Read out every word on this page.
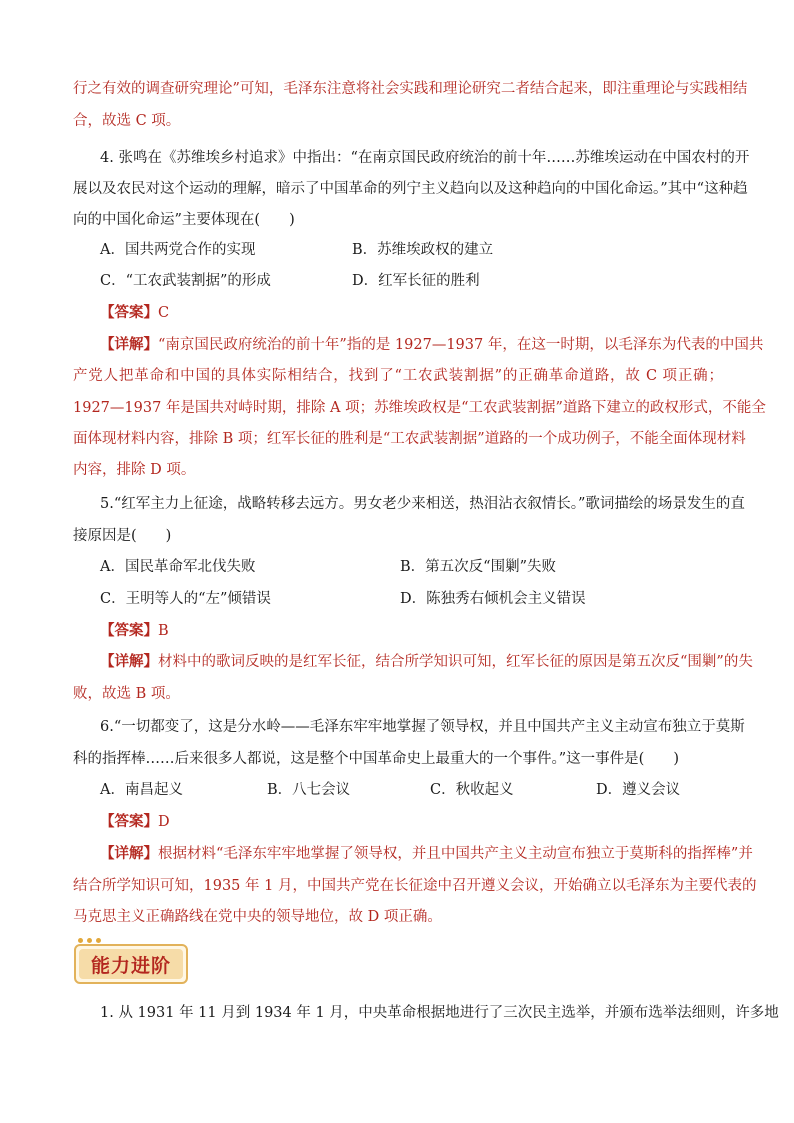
行之有效的调查研究理论”可知，毛泽东注意将社会实践和理论研究二者结合起来，即注重理论与实践相结
合，故选 C 项。
4. 张鸣在《苏维埃乡村追求》中指出：“在南京国民政府统治的前十年……苏维埃运动在中国农村的开
展以及农民对这个运动的理解，暗示了中国革命的列宁主义趋向以及这种趋向的中国化命运。”其中“这种趋
向的中国化命运”主要体现在(　　)
A．国共两党合作的实现	B．苏维埃政权的建立
C．“工农武装割据”的形成	D．红军长征的胜利
【答案】C
【详解】“南京国民政府统治的前十年”指的是 1927—1937 年，在这一时期，以毛泽东为代表的中国共
产党人把革命和中国的具体实际相结合，找到了“工农武装割据”的正确革命道路，故 C 项正确；
1927—1937 年是国共对峙时期，排除 A 项；苏维埃政权是“工农武装割据”道路下建立的政权形式，不能全
面体现材料内容，排除 B 项；红军长征的胜利是“工农武装割据”道路的一个成功例子，不能全面体现材料
内容，排除 D 项。
5.“红军主力上征途，战略转移去远方。男女老少来相送，热泪沾衣叙情长。”歌词描绘的场景发生的直
接原因是(　　)
A．国民革命军北伐失败	B．第五次反“围剿”失败
C．王明等人的“左”倾错误	D．陈独秀右倾机会主义错误
【答案】B
【详解】材料中的歌词反映的是红军长征，结合所学知识可知，红军长征的原因是第五次反“围剿”的失
败，故选 B 项。
6.“一切都变了，这是分水岭——毛泽东牢牢地掌握了领导权，并且中国共产主义主动宣布独立于莫斯
科的指挥棒……后来很多人都说，这是整个中国革命史上最重大的一个事件。”这一事件是(　　)
A．南昌起义	B．八七会议	C．秋收起义	D．遵义会议
【答案】D
【详解】根据材料“毛泽东牢牢地掌握了领导权，并且中国共产主义主动宣布独立于莫斯科的指挥棒”并
结合所学知识可知，1935 年 1 月，中国共产党在长征途中召开遵义会议，开始确立以毛泽东为主要代表的
马克思主义正确路线在党中央的领导地位，故 D 项正确。
能力进阶
1. 从 1931 年 11 月到 1934 年 1 月，中央革命根据地进行了三次民主选举，并颁布选举法细则，许多地
